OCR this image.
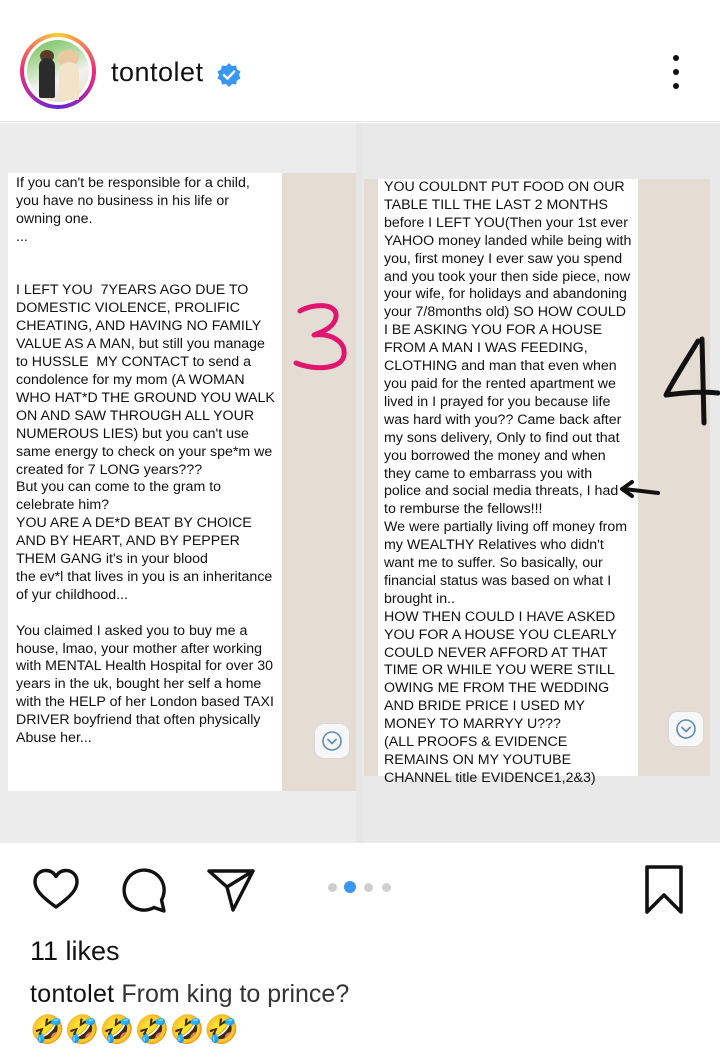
tontolet
If you can't be responsible for a child, you have no business in his life or owning one.
...

I LEFT YOU  7YEARS AGO DUE TO DOMESTIC VIOLENCE, PROLIFIC CHEATING, AND HAVING NO FAMILY VALUE AS A MAN, but still you manage to HUSSLE  MY CONTACT to send a condolence for my mom (A WOMAN WHO HAT*D THE GROUND YOU WALK ON AND SAW THROUGH ALL YOUR NUMEROUS LIES) but you can't use same energy to check on your spe*m we created for 7 LONG years???
But you can come to the gram to celebrate him?
YOU ARE A DE*D BEAT BY CHOICE AND BY HEART, AND BY PEPPER THEM GANG it's in your blood
the ev*l that lives in you is an inheritance of yur childhood...

You claimed I asked you to buy me a house, lmao, your mother after working with MENTAL Health Hospital for over 30 years in the uk, bought her self a home with the HELP of her London based TAXI DRIVER boyfriend that often physically Abuse her...
YOU COULDNT PUT FOOD ON OUR TABLE TILL THE LAST 2 MONTHS before I LEFT YOU(Then your 1st ever YAHOO money landed while being with you, first money I ever saw you spend and you took your then side piece, now your wife, for holidays and abandoning your 7/8months old) SO HOW COULD I BE ASKING YOU FOR A HOUSE FROM A MAN I WAS FEEDING, CLOTHING and man that even when you paid for the rented apartment we lived in I prayed for you because life was hard with you?? Came back after my sons delivery, Only to find out that you borrowed the money and when they came to embarrass you with police and social media threats, I had to remburse the fellows!!!
We were partially living off money from my WEALTHY Relatives who didn't want me to suffer. So basically, our financial status was based on what I brought in..
HOW THEN COULD I HAVE ASKED YOU FOR A HOUSE YOU CLEARLY COULD NEVER AFFORD AT THAT TIME OR WHILE YOU WERE STILL OWING ME FROM THE WEDDING AND BRIDE PRICE I USED MY MONEY TO MARRYY U???
(ALL PROOFS & EVIDENCE REMAINS ON MY YOUTUBE CHANNEL title EVIDENCE1,2&3)
11 likes
tontolet From king to prince?
🤣🤣🤣🤣🤣🤣
